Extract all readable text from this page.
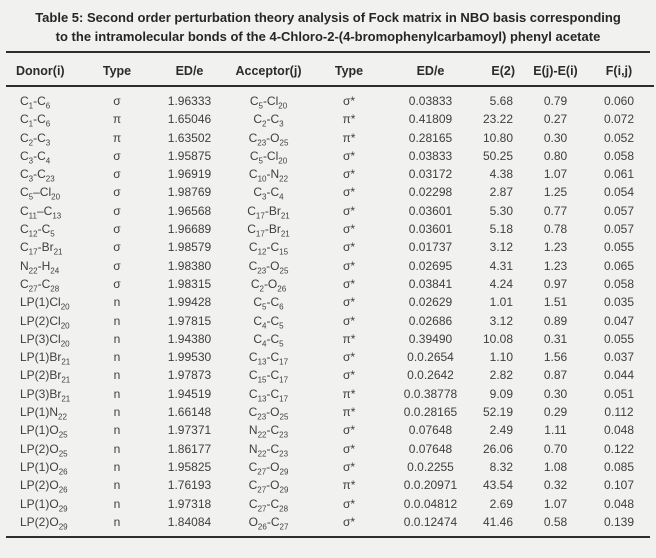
Table 5: Second order perturbation theory analysis of Fock matrix in NBO basis corresponding
to the intramolecular bonds of the 4-Chloro-2-(4-bromophenylcarbamoyl) phenyl acetate
Donor(i)	Type	ED/e	Acceptor(j)	Type	ED/e	E(2)	E(j)-E(i)	F(i,j)
$C_1-C_6$	σ	1.96333	$C_5-Cl_{20}$	σ*	0.03833	5.68	0.79	0.060
$C_1-C_6$	π	1.65046	$C_2-C_3$	π*	0.41809	23.22	0.27	0.072
$C_2-C_3$	π	1.63502	$C_{23}-O_{25}$	π*	0.28165	10.80	0.30	0.052
$C_3-C_4$	σ	1.95875	$C_5-Cl_{20}$	σ*	0.03833	50.25	0.80	0.058
$C_3-C_{23}$	σ	1.96919	$C_{10}-N_{22}$	σ*	0.03172	4.38	1.07	0.061
$C_5-Cl_{20}$	σ	1.98769	$C_3-C_4$	σ*	0.02298	2.87	1.25	0.054
$C_{11}-C_{13}$	σ	1.96568	$C_{17}-Br_{21}$	σ*	0.03601	5.30	0.77	0.057
$C_{12}-C_5$	σ	1.96689	$C_{17}-Br_{21}$	σ*	0.03601	5.18	0.78	0.057
$C_{17}-Br_{21}$	σ	1.98579	$C_{12}-C_{15}$	σ*	0.01737	3.12	1.23	0.055
$N_{22}-H_{24}$	σ	1.98380	$C_{23}-O_{25}$	σ*	0.02695	4.31	1.23	0.065
$C_{27}-C_{28}$	σ	1.98315	$C_2-O_{26}$	σ*	0.03841	4.24	0.97	0.058
$LP(1)Cl_{20}$	n	1.99428	$C_5-C_6$	σ*	0.02629	1.01	1.51	0.035
$LP(2)Cl_{20}$	n	1.97815	$C_4-C_5$	σ*	0.02686	3.12	0.89	0.047
$LP(3)Cl_{20}$	n	1.94380	$C_4-C_5$	π*	0.39490	10.08	0.31	0.055
$LP(1)Br_{21}$	n	1.99530	$C_{13}-C_{17}$	σ*	0.0.2654	1.10	1.56	0.037
$LP(2)Br_{21}$	n	1.97873	$C_{15}-C_{17}$	σ*	0.0.2642	2.82	0.87	0.044
$LP(3)Br_{21}$	n	1.94519	$C_{13}-C_{17}$	π*	0.0.38778	9.09	0.30	0.051
$LP(1)N_{22}$	n	1.66148	$C_{23}-O_{25}$	π*	0.0.28165	52.19	0.29	0.112
$LP(1)O_{25}$	n	1.97371	$N_{22}-C_{23}$	σ*	0.07648	2.49	1.11	0.048
$LP(2)O_{25}$	n	1.86177	$N_{22}-C_{23}$	σ*	0.07648	26.06	0.70	0.122
$LP(1)O_{26}$	n	1.95825	$C_{27}-O_{29}$	σ*	0.0.2255	8.32	1.08	0.085
$LP(2)O_{26}$	n	1.76193	$C_{27}-O_{29}$	π*	0.0.20971	43.54	0.32	0.107
$LP(1)O_{29}$	n	1.97318	$C_{27}-C_{28}$	σ*	0.0.04812	2.69	1.07	0.048
$LP(2)O_{29}$	n	1.84084	$O_{26}-C_{27}$	σ*	0.0.12474	41.46	0.58	0.139
